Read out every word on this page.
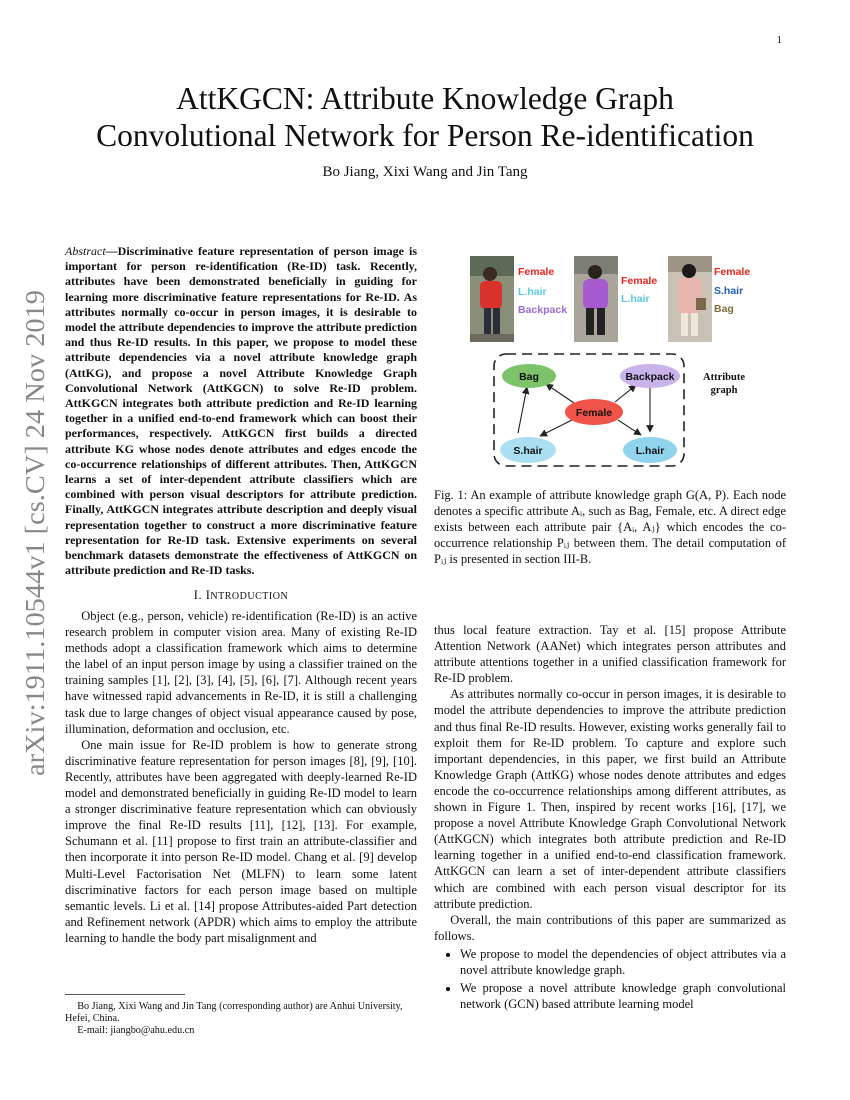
1
arXiv:1911.10544v1 [cs.CV] 24 Nov 2019
AttKGCN: Attribute Knowledge Graph
Convolutional Network for Person Re-identification
Bo Jiang, Xixi Wang and Jin Tang
Abstract—Discriminative feature representation of person image is important for person re-identification (Re-ID) task. Recently, attributes have been demonstrated beneficially in guiding for learning more discriminative feature representations for Re-ID. As attributes normally co-occur in person images, it is desirable to model the attribute dependencies to improve the attribute prediction and thus Re-ID results. In this paper, we propose to model these attribute dependencies via a novel attribute knowledge graph (AttKG), and propose a novel Attribute Knowledge Graph Convolutional Network (AttKGCN) to solve Re-ID problem. AttKGCN integrates both attribute prediction and Re-ID learning together in a unified end-to-end framework which can boost their performances, respectively. AttKGCN first builds a directed attribute KG whose nodes denote attributes and edges encode the co-occurrence relationships of different attributes. Then, AttKGCN learns a set of inter-dependent attribute classifiers which are combined with person visual descriptors for attribute prediction. Finally, AttKGCN integrates attribute description and deeply visual representation together to construct a more discriminative feature representation for Re-ID task. Extensive experiments on several benchmark datasets demonstrate the effectiveness of AttKGCN on attribute prediction and Re-ID tasks.
I. INTRODUCTION

Object (e.g., person, vehicle) re-identification (Re-ID) is an active research problem in computer vision area. Many of existing Re-ID methods adopt a classification framework which aims to determine the label of an input person image by using a classifier trained on the training samples [1], [2], [3], [4], [5], [6], [7]. Although recent years have witnessed rapid advancements in Re-ID, it is still a challenging task due to large changes of object visual appearance caused by pose, illumination, deformation and occlusion, etc.

One main issue for Re-ID problem is how to generate strong discriminative feature representation for person images [8], [9], [10]. Recently, attributes have been aggregated with deeply-learned Re-ID model and demonstrated beneficially in guiding Re-ID model to learn a stronger discriminative feature representation which can obviously improve the final Re-ID results [11], [12], [13]. For example, Schumann et al. [11] propose to first train an attribute-classifier and then incorporate it into person Re-ID model. Chang et al. [9] develop Multi-Level Factorisation Net (MLFN) to learn some latent discriminative factors for each person image based on multiple semantic levels. Li et al. [14] propose Attributes-aided Part detection and Refinement network (APDR) which aims to employ the attribute learning to handle the body part misalignment and

Bo Jiang, Xixi Wang and Jin Tang (corresponding author) are Anhui University, Hefei, China.

E-mail: jiangbo@ahu.edu.cn

Female
L.hair
Backpack
Female
L.hair
Female
S.hair
Bag
Bag	Backpack
Female
S.hair	L.hair
Attribute
graph
Fig. 1: An example of attribute knowledge graph G(A, P). Each node denotes a specific attribute Aᵢ, such as Bag, Female, etc. A direct edge exists between each attribute pair {Aᵢ, Aⱼ} which encodes the co-occurrence relationship Pᵢⱼ between them. The detail computation of Pᵢⱼ is presented in section III-B.

thus local feature extraction. Tay et al. [15] propose Attribute Attention Network (AANet) which integrates person attributes and attribute attentions together in a unified classification framework for Re-ID problem.

As attributes normally co-occur in person images, it is desirable to model the attribute dependencies to improve the attribute prediction and thus final Re-ID results. However, existing works generally fail to exploit them for Re-ID problem. To capture and explore such important dependencies, in this paper, we first build an Attribute Knowledge Graph (AttKG) whose nodes denote attributes and edges encode the co-occurrence relationships among different attributes, as shown in Figure 1. Then, inspired by recent works [16], [17], we propose a novel Attribute Knowledge Graph Convolutional Network (AttKGCN) which integrates both attribute prediction and Re-ID learning together in a unified end-to-end classification framework. AttKGCN can learn a set of inter-dependent attribute classifiers which are combined with each person visual descriptor for its attribute prediction.

Overall, the main contributions of this paper are summarized as follows.

• We propose to model the dependencies of object attributes via a novel attribute knowledge graph.
• We propose a novel attribute knowledge graph convolutional network (GCN) based attribute learning model
